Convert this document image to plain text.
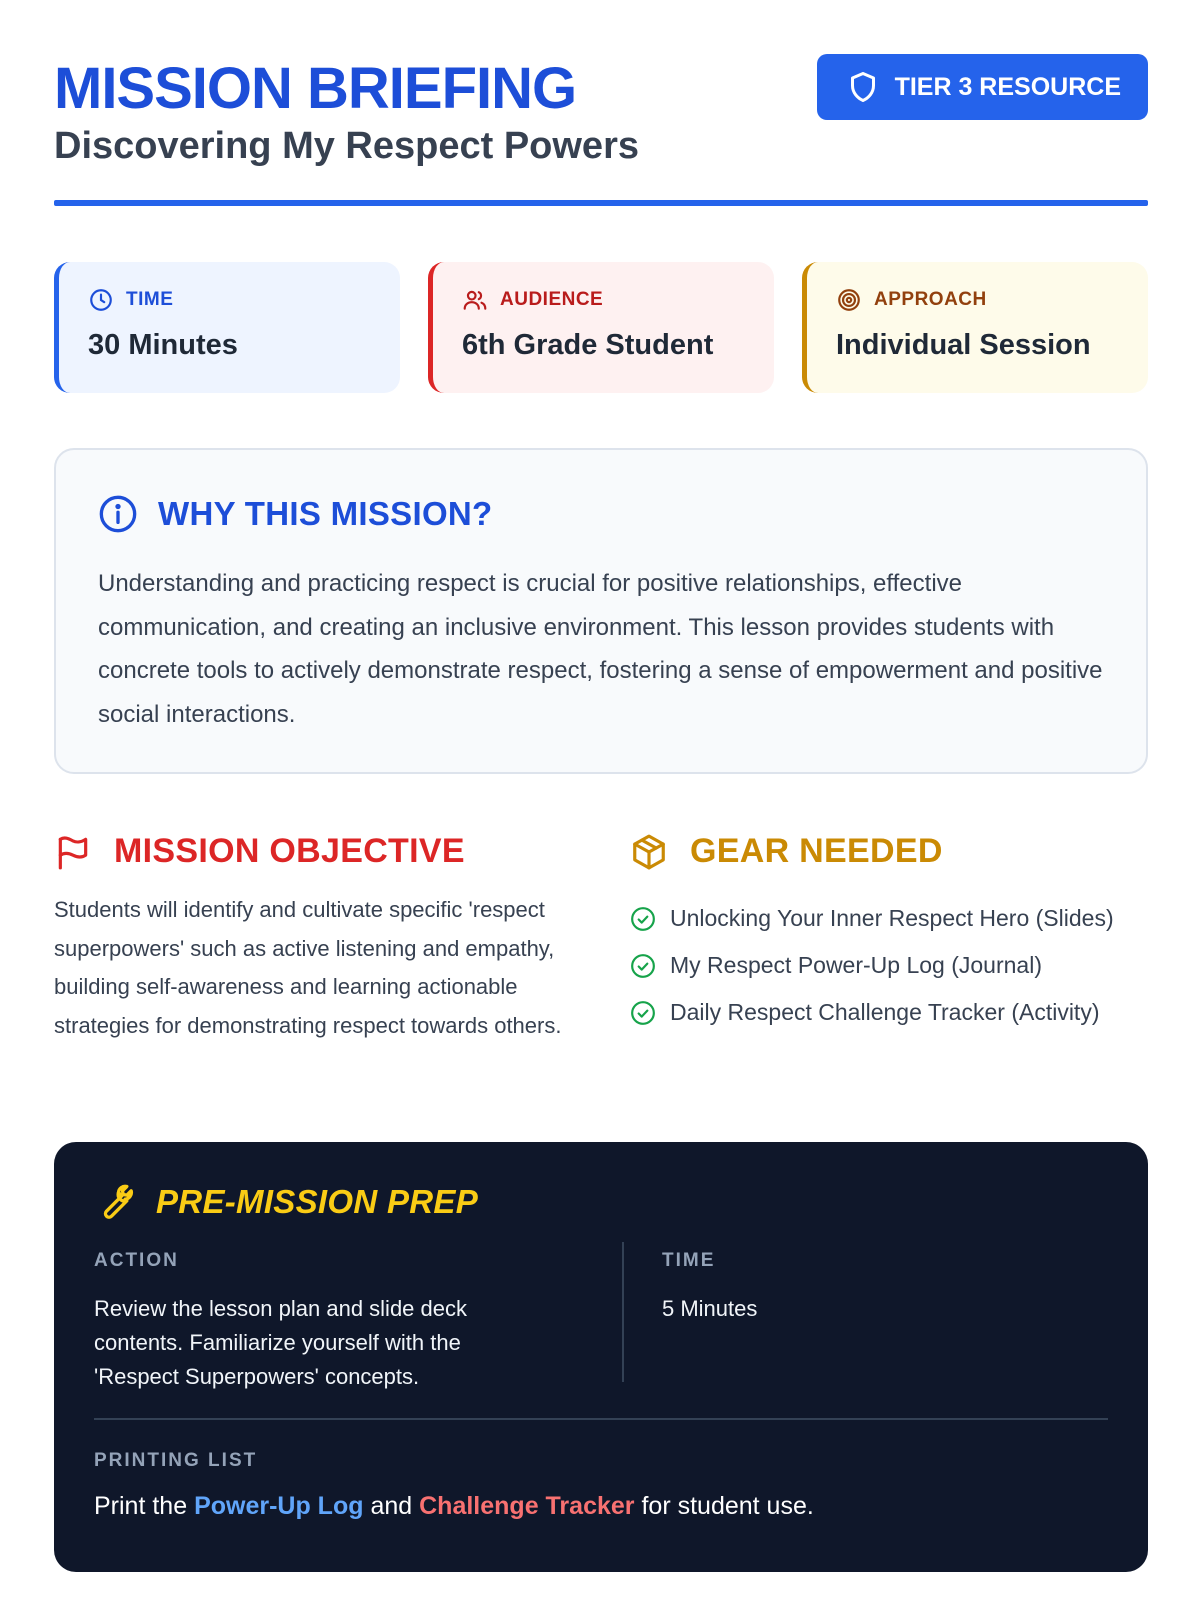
MISSION BRIEFING
Discovering My Respect Powers
TIER 3 RESOURCE
TIME
30 Minutes
AUDIENCE
6th Grade Student
APPROACH
Individual Session
WHY THIS MISSION?

Understanding and practicing respect is crucial for positive relationships, effective communication, and creating an inclusive environment. This lesson provides students with concrete tools to actively demonstrate respect, fostering a sense of empowerment and positive social interactions.

MISSION OBJECTIVE

Students will identify and cultivate specific 'respect superpowers' such as active listening and empathy, building self-awareness and learning actionable strategies for demonstrating respect towards others.

GEAR NEEDED
Unlocking Your Inner Respect Hero (Slides)
My Respect Power-Up Log (Journal)
Daily Respect Challenge Tracker (Activity)
PRE-MISSION PREP
ACTION

Review the lesson plan and slide deck contents. Familiarize yourself with the 'Respect Superpowers' concepts.

TIME

5 Minutes

PRINTING LIST

Print the Power-Up Log and Challenge Tracker for student use.
